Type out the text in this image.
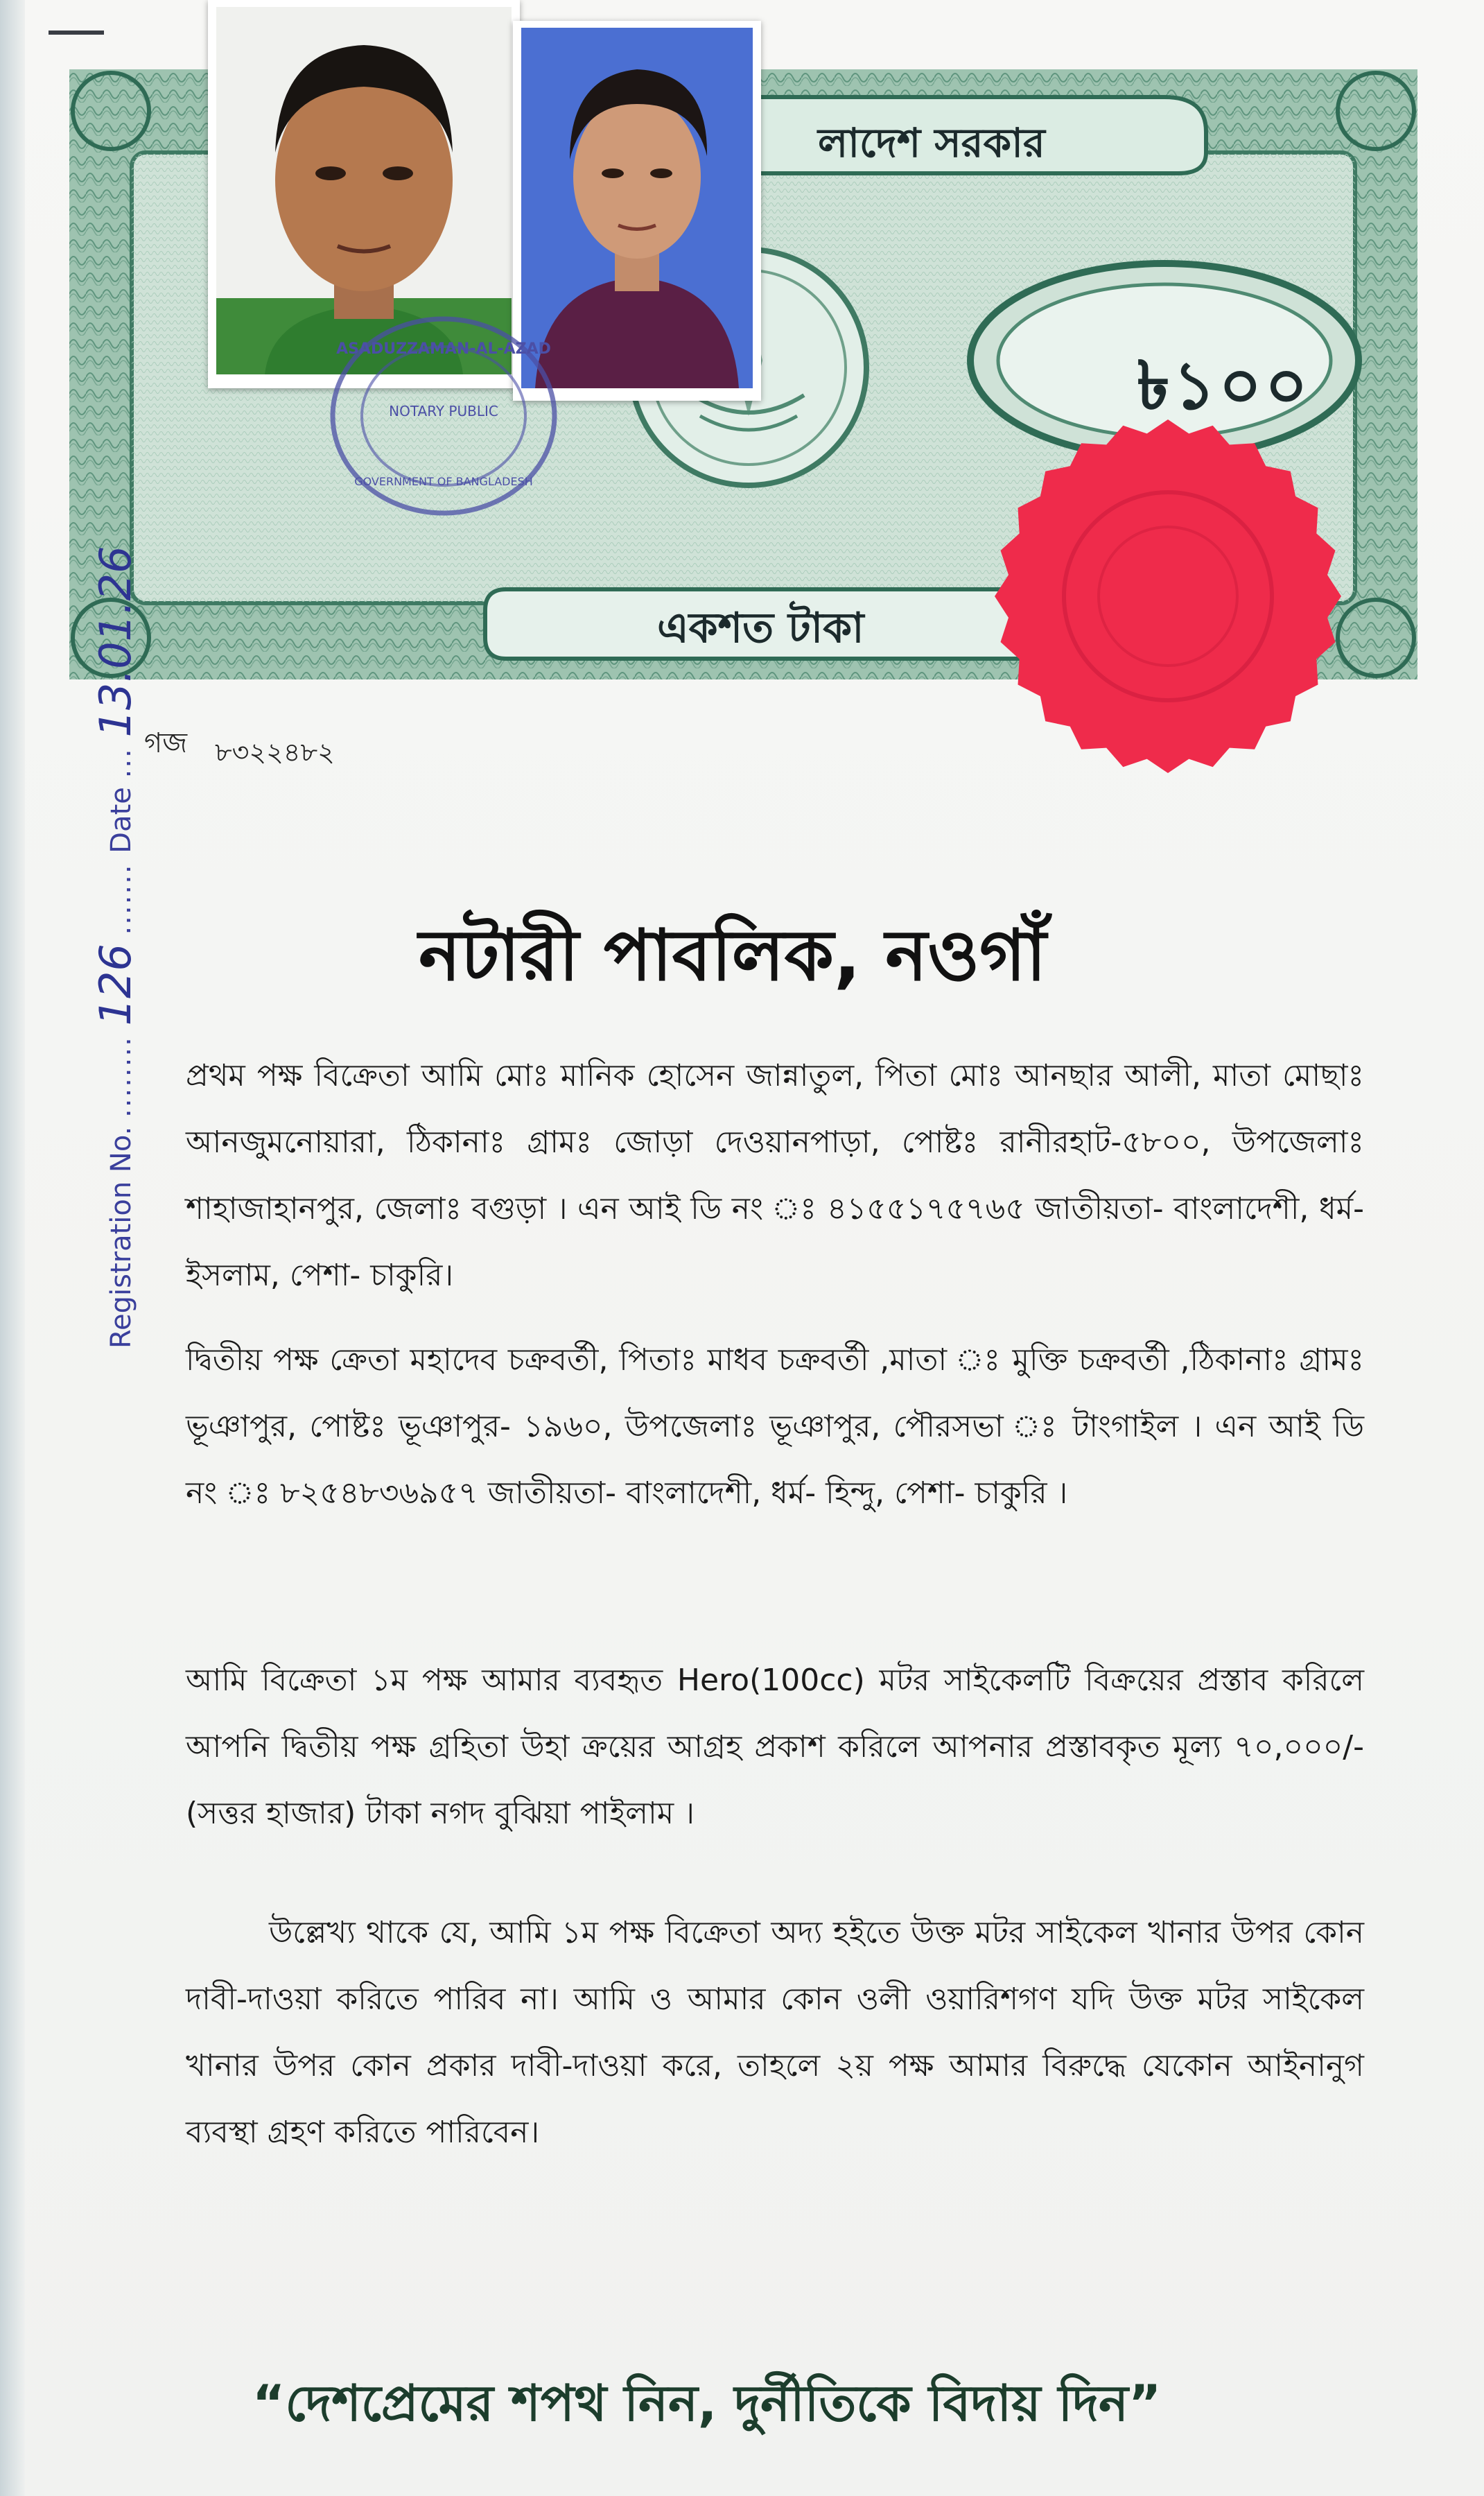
লাদেশ সরকার
৳১০০
একশত টাকা
ASADUZZAMAN-AL-AZAD
NOTARY PUBLIC
GOVERNMENT OF BANGLADESH
গজ ৮৩২২৪৮২
Registration No. ........ 126 ....... Date ... 13.01.26
নটারী পাবলিক, নওগাঁ

প্রথম পক্ষ বিক্রেতা আমি মোঃ মানিক হোসেন জান্নাতুল, পিতা মোঃ আনছার আলী, মাতা মোছাঃ আনজুমনোয়ারা, ঠিকানাঃ গ্রামঃ জোড়া দেওয়ানপাড়া, পোষ্টঃ রানীরহাট-৫৮০০, উপজেলাঃ শাহাজাহানপুর, জেলাঃ বগুড়া । এন আই ডি নং ঃ ৪১৫৫১৭৫৭৬৫ জাতীয়তা- বাংলাদেশী, ধর্ম- ইসলাম, পেশা- চাকুরি।

দ্বিতীয় পক্ষ ক্রেতা মহাদেব চক্রবর্তী, পিতাঃ মাধব চক্রবর্তী ,মাতা ঃ মুক্তি চক্রবর্তী ,ঠিকানাঃ গ্রামঃ ভূঞাপুর, পোষ্টঃ ভূঞাপুর- ১৯৬০, উপজেলাঃ ভূঞাপুর, পৌরসভা ঃ টাংগাইল । এন আই ডি নং ঃ ৮২৫৪৮৩৬৯৫৭ জাতীয়তা- বাংলাদেশী, ধর্ম- হিন্দু, পেশা- চাকুরি ।

আমি বিক্রেতা ১ম পক্ষ আমার ব্যবহৃত Hero(100cc) মটর সাইকেলটি বিক্রয়ের প্রস্তাব করিলে আপনি দ্বিতীয় পক্ষ গ্রহিতা উহা ক্রয়ের আগ্রহ প্রকাশ করিলে আপনার প্রস্তাবকৃত মূল্য ৭০,০০০/- (সত্তর হাজার) টাকা নগদ বুঝিয়া পাইলাম ।

উল্লেখ্য থাকে যে, আমি ১ম পক্ষ বিক্রেতা অদ্য হইতে উক্ত মটর সাইকেল খানার উপর কোন দাবী-দাওয়া করিতে পারিব না। আমি ও আমার কোন ওলী ওয়ারিশগণ যদি উক্ত মটর সাইকেল খানার উপর কোন প্রকার দাবী-দাওয়া করে, তাহলে ২য় পক্ষ আমার বিরুদ্ধে যেকোন আইনানুগ ব্যবস্থা গ্রহণ করিতে পারিবেন।

“দেশপ্রেমের শপথ নিন, দুর্নীতিকে বিদায় দিন”
